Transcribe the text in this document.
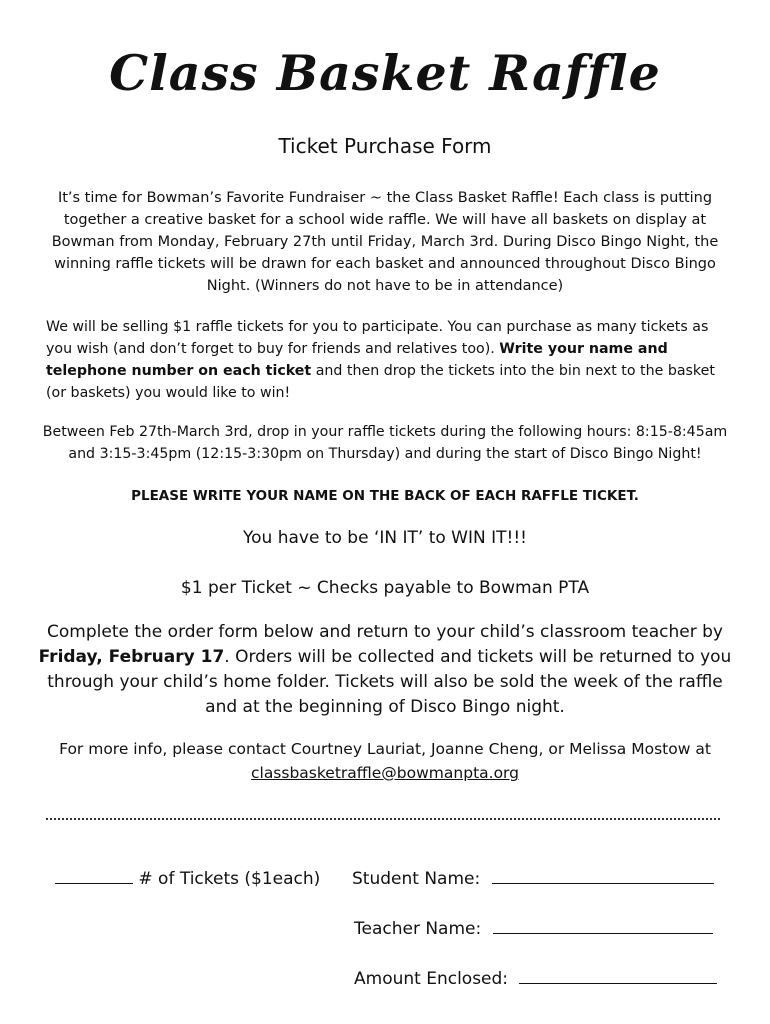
Class Basket Raffle
Ticket Purchase Form

It’s time for Bowman’s Favorite Fundraiser ~ the Class Basket Raffle! Each class is putting together a creative basket for a school wide raffle. We will have all baskets on display at Bowman from Monday, February 27th until Friday, March 3rd. During Disco Bingo Night, the winning raffle tickets will be drawn for each basket and announced throughout Disco Bingo Night. (Winners do not have to be in attendance)

We will be selling $1 raffle tickets for you to participate. You can purchase as many tickets as you wish (and don’t forget to buy for friends and relatives too). Write your name and telephone number on each ticket and then drop the tickets into the bin next to the basket (or baskets) you would like to win!

Between Feb 27th-March 3rd, drop in your raffle tickets during the following hours: 8:15-8:45am and 3:15-3:45pm (12:15-3:30pm on Thursday) and during the start of Disco Bingo Night!

PLEASE WRITE YOUR NAME ON THE BACK OF EACH RAFFLE TICKET.

You have to be ‘IN IT’ to WIN IT!!!

$1 per Ticket ~ Checks payable to Bowman PTA

Complete the order form below and return to your child’s classroom teacher by Friday, February 17. Orders will be collected and tickets will be returned to you through your child’s home folder. Tickets will also be sold the week of the raffle and at the beginning of Disco Bingo night.

For more info, please contact Courtney Lauriat, Joanne Cheng, or Melissa Mostow at
classbasketraffle@bowmanpta.org

# of Tickets ($1each) Student Name:
Teacher Name:
Amount Enclosed:
